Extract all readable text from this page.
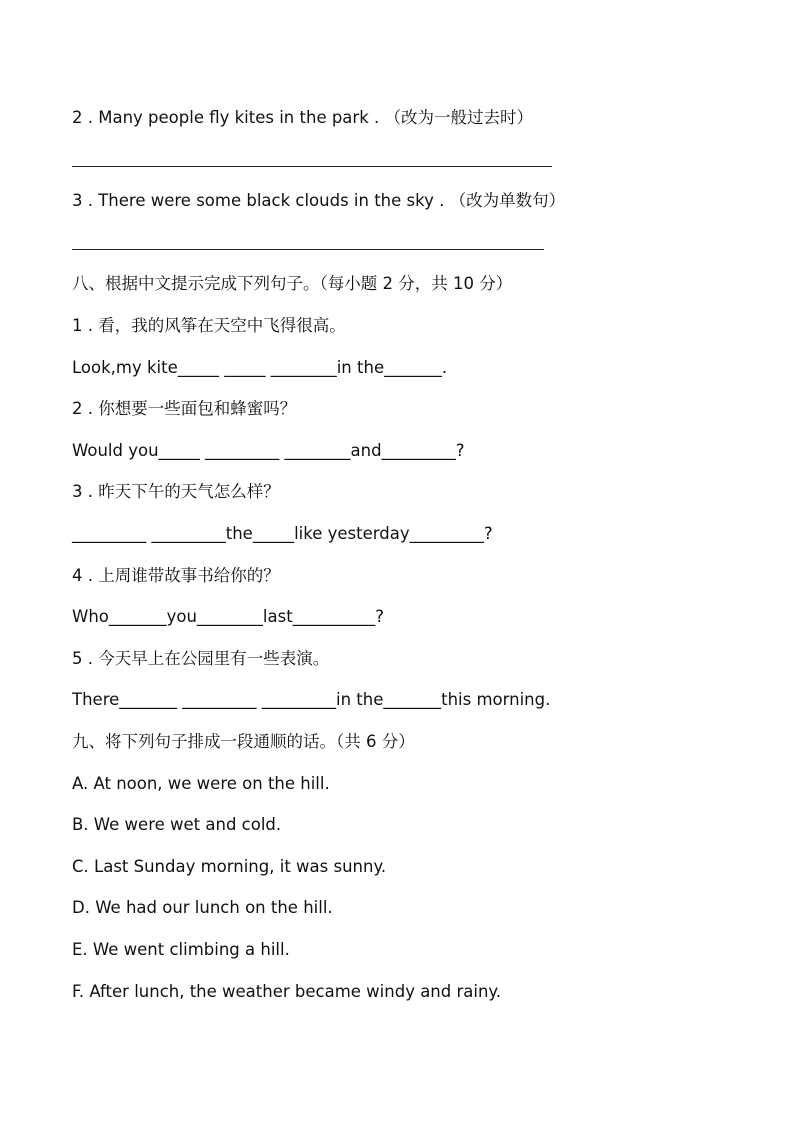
2 . Many people fly kites in the park . （改为一般过去时）
3 . There were some black clouds in the sky . （改为单数句）
八、根据中文提示完成下列句子。（每小题 2 分，共 10 分）
1 . 看，我的风筝在天空中飞得很高。
Look,my kite_____ _____ ________in the_______.
2 . 你想要一些面包和蜂蜜吗？
Would you_____ _________ ________and_________?
3 . 昨天下午的天气怎么样？
_________ _________the_____like yesterday_________?
4 . 上周谁带故事书给你的？
Who_______you________last__________?
5 . 今天早上在公园里有一些表演。
There_______ _________ _________in the_______this morning.
九、将下列句子排成一段通顺的话。（共 6 分）
A. At noon, we were on the hill.
B. We were wet and cold.
C. Last Sunday morning, it was sunny.
D. We had our lunch on the hill.
E. We went climbing a hill.
F. After lunch, the weather became windy and rainy.
